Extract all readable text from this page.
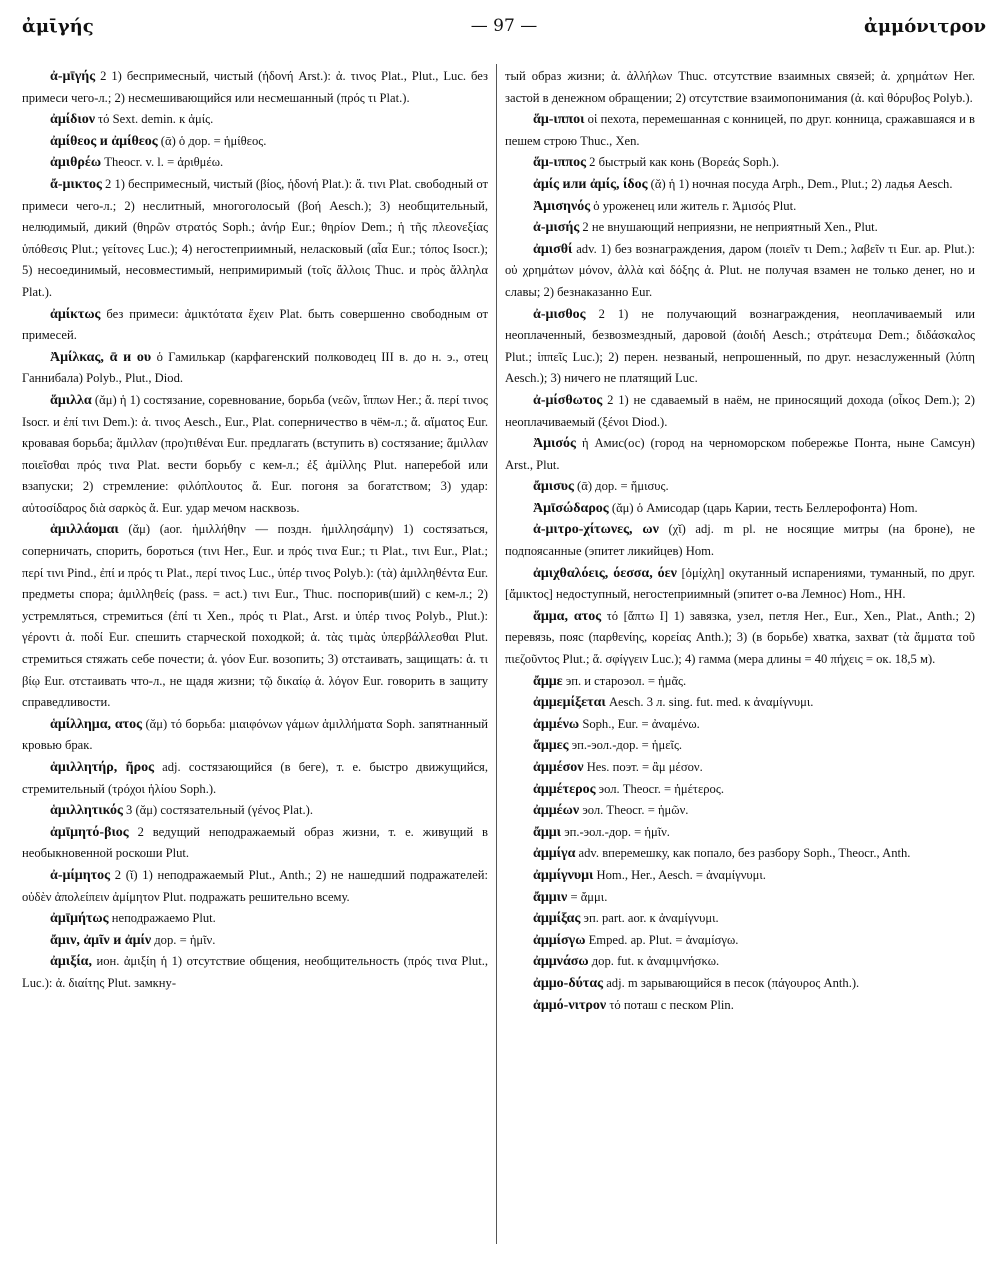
ἀμῑγής	— 97 —	ἀμμόνιτρον

ἀ-μῑγής 2 1) беспримесный, чистый (ἡδονή Arst.): ἀ. τινος Plat., Plut., Luc. без примеси чего-л.; 2) несмешивающийся или несмешанный (πρός τι Plat.).

ἀμίδιον τό Sext. demin. к ἀμίς.

ἀμίθεος и ἀμίθεος (ᾱ) ὁ дор. = ἡμίθεος.

ἀμιθρέω Theocr. v. l. = ἀριθμέω.

ἄ-μικτος 2 1) беспримесный, чистый (βίος, ἡδονή Plat.): ἄ. τινι Plat. свободный от примеси чего-л.; 2) неслитный, многоголосый (βοή Aesch.); 3) необщительный, нелюдимый, дикий (θηρῶν στρατός Soph.; ἀνήρ Eur.; θηρίον Dem.; ἡ τῆς πλεονεξίας ὑπόθεσις Plut.; γείτονες Luc.); 4) негостеприимный, неласковый (αἶα Eur.; τόπος Isocr.); 5) несоединимый, несовместимый, непримиримый (τοῖς ἄλλοις Thuc. и πρὸς ἄλληλα Plat.).

ἀμίκτως без примеси: ἀμικτότατα ἔχειν Plat. быть совершенно свободным от примесей.

Ἀμίλκας, ᾱ и ου ὁ Гамилькар (карфагенский полководец III в. до н. э., отец Ганнибала) Polyb., Plut., Diod.

ἅμιλλα (ᾰμ) ἡ 1) состязание, соревнование, борьба (νεῶν, ἵππων Her.; ἅ. περί τινος Isocr. и ἐπί τινι Dem.): ἀ. τινος Aesch., Eur., Plat. соперничество в чём-л.; ἅ. αἵματος Eur. кровавая борьба; ἅμιλλαν (προ)τιθέναι Eur. предлагать (вступить в) состязание; ἅμιλλαν ποιεῖσθαι πρός τινα Plat. вести борьбу с кем-л.; ἐξ ἁμίλλης Plut. наперебой или взапуски; 2) стремление: φιλόπλουτος ἅ. Eur. погоня за богатством; 3) удар: αὐτοσίδαρος διὰ σαρκὸς ἅ. Eur. удар мечом насквозь.

ἁμιλλάομαι (ᾰμ) (aor. ἡμιλλήθην — поздн. ἡμιλλησάμην) 1) состязаться, соперничать, спорить, бороться (τινι Her., Eur. и πρός τινα Eur.; τι Plat., τινι Eur., Plat.; περί τινι Pind., ἐπί и πρός τι Plat., περί τινος Luc., ὑπέρ τινος Polyb.): (τὰ) ἁμιλληθέντα Eur. предметы спора; ἁμιλληθείς (pass. = act.) τινι Eur., Thuc. поспорив(ший) с кем-л.; 2) устремляться, стремиться (ἐπί τι Xen., πρός τι Plat., Arst. и ὑπέρ τινος Polyb., Plut.): γέροντι ἁ. ποδί Eur. спешить старческой походкой; ἁ. τὰς τιμὰς ὑπερβάλλεσθαι Plut. стремиться стяжать себе почести; ἁ. γόον Eur. возопить; 3) отстаивать, защищать: ἁ. τι βίῳ Eur. отстаивать что-л., не щадя жизни; τῷ δικαίῳ ἁ. λόγον Eur. говорить в защиту справедливости.

ἁμίλλημα, ατος (ᾰμ) τό борьба: μιαιφόνων γάμων ἁμιλλήματα Soph. запятнанный кровью брак.

ἁμιλλητήρ, ῆρος adj. состязающийся (в беге), т. е. быстро движущийся, стремительный (τρόχοι ἡλίου Soph.).

ἁμιλλητικός 3 (ᾰμ) состязательный (γένος Plat.).

ἀμῑμητό-βιος 2 ведущий неподражаемый образ жизни, т. е. живущий в необыкновенной роскоши Plut.

ἀ-μίμητος 2 (ῐ) 1) неподражаемый Plut., Anth.; 2) не нашедший подражателей: οὐδὲν ἀπολείπειν ἀμίμητον Plut. подражать решительно всему.

ἀμῑμήτως неподражаемо Plut.

ἄμιν, ἀμῖν и ἀμίν дор. = ἡμῖν.

ἀμιξία, ион. ἀμιξίη ἡ 1) отсутствие общения, необщительность (πρός τινα Plut., Luc.): ἀ. διαίτης Plut. замкну-

тый образ жизни; ἀ. ἀλλήλων Thuc. отсутствие взаимных связей; ἀ. χρημάτων Her. застой в денежном обращении; 2) отсутствие взаимопонимания (ἀ. καὶ θόρυβος Polyb.).

ἅμ-ιπποι οἱ пехота, перемешанная с конницей, по друг. конница, сражавшаяся и в пешем строю Thuc., Xen.

ἅμ-ιππος 2 быстрый как конь (Βορεάς Soph.).

ἀμίς или ἀμίς, ίδος (ᾰ) ἡ 1) ночная посуда Arph., Dem., Plut.; 2) ладья Aesch.

Ἀμισηνός ὁ уроженец или житель г. Ἀμισός Plut.

ἀ-μισής 2 не внушающий неприязни, не неприятный Xen., Plut.

ἀμισθί adv. 1) без вознаграждения, даром (ποιεῖν τι Dem.; λαβεῖν τι Eur. ap. Plut.): οὐ χρημάτων μόνον, ἀλλὰ καὶ δόξης ἀ. Plut. не получая взамен не только денег, но и славы; 2) безнаказанно Eur.

ἀ-μισθος 2 1) не получающий вознаграждения, неоплачиваемый или неоплаченный, безвозмездный, даровой (ἀοιδή Aesch.; στράτευμα Dem.; διδάσκαλος Plut.; ἱππεῖς Luc.); 2) перен. незваный, непрошенный, по друг. незаслуженный (λύπη Aesch.); 3) ничего не платящий Luc.

ἀ-μίσθωτος 2 1) не сдаваемый в наём, не приносящий дохода (οἶκος Dem.); 2) неоплачиваемый (ξένοι Diod.).

Ἀμισός ἡ Амис(ос) (город на черноморском побережье Понта, ныне Самсун) Arst., Plut.

ἄμισυς (ᾱ) дор. = ἥμισυς.

Ἀμῑσώδαρος (ᾰμ) ὁ Амисодар (царь Карии, тесть Беллерофонта) Hom.

ἀ-μιτρο-χίτωνες, ων (χῐ) adj. m pl. не носящие митры (на броне), не подпоясанные (эпитет ликийцев) Hom.

ἀμιχθαλόεις, όεσσα, όεν [ὀμίχλη] окутанный испарениями, туманный, по друг. [ἄμικτος] недоступный, негостеприимный (эпитет о-ва Лемнос) Hom., HH.

ἅμμα, ατος τό [ἅπτω I] 1) завязка, узел, петля Her., Eur., Xen., Plat., Anth.; 2) перевязь, пояс (παρθενίης, κορείας Anth.); 3) (в борьбе) хватка, захват (τὰ ἅμματα τοῦ πιεζοῦντος Plut.; ἅ. σφίγγειν Luc.); 4) гамма (мера длины = 40 πήχεις = ок. 18,5 м).

ἄμμε эп. и староэол. = ἡμᾶς.

ἀμμεμίξεται Aesch. 3 л. sing. fut. med. к ἀναμίγνυμι.

ἀμμένω Soph., Eur. = ἀναμένω.

ἄμμες эп.-эол.-дор. = ἡμεῖς.

ἀμμέσον Hes. поэт. = ἂμ μέσον.

ἀμμέτερος эол. Theocr. = ἡμέτερος.

ἀμμέων эол. Theocr. = ἡμῶν.

ἄμμι эп.-эол.-дор. = ἡμῖν.

ἀμμίγα adv. вперемешку, как попало, без разбору Soph., Theocr., Anth.

ἀμμίγνυμι Hom., Her., Aesch. = ἀναμίγνυμι.

ἄμμιν = ἄμμι.

ἀμμίξας эп. part. aor. к ἀναμίγνυμι.

ἀμμίσγω Emped. ap. Plut. = ἀναμίσγω.

ἀμμνάσω дор. fut. к ἀναμιμνήσκω.

ἀμμο-δύτας adj. m зарывающийся в песок (πάγουρος Anth.).

ἀμμό-νιτρον τό поташ с песком Plin.
